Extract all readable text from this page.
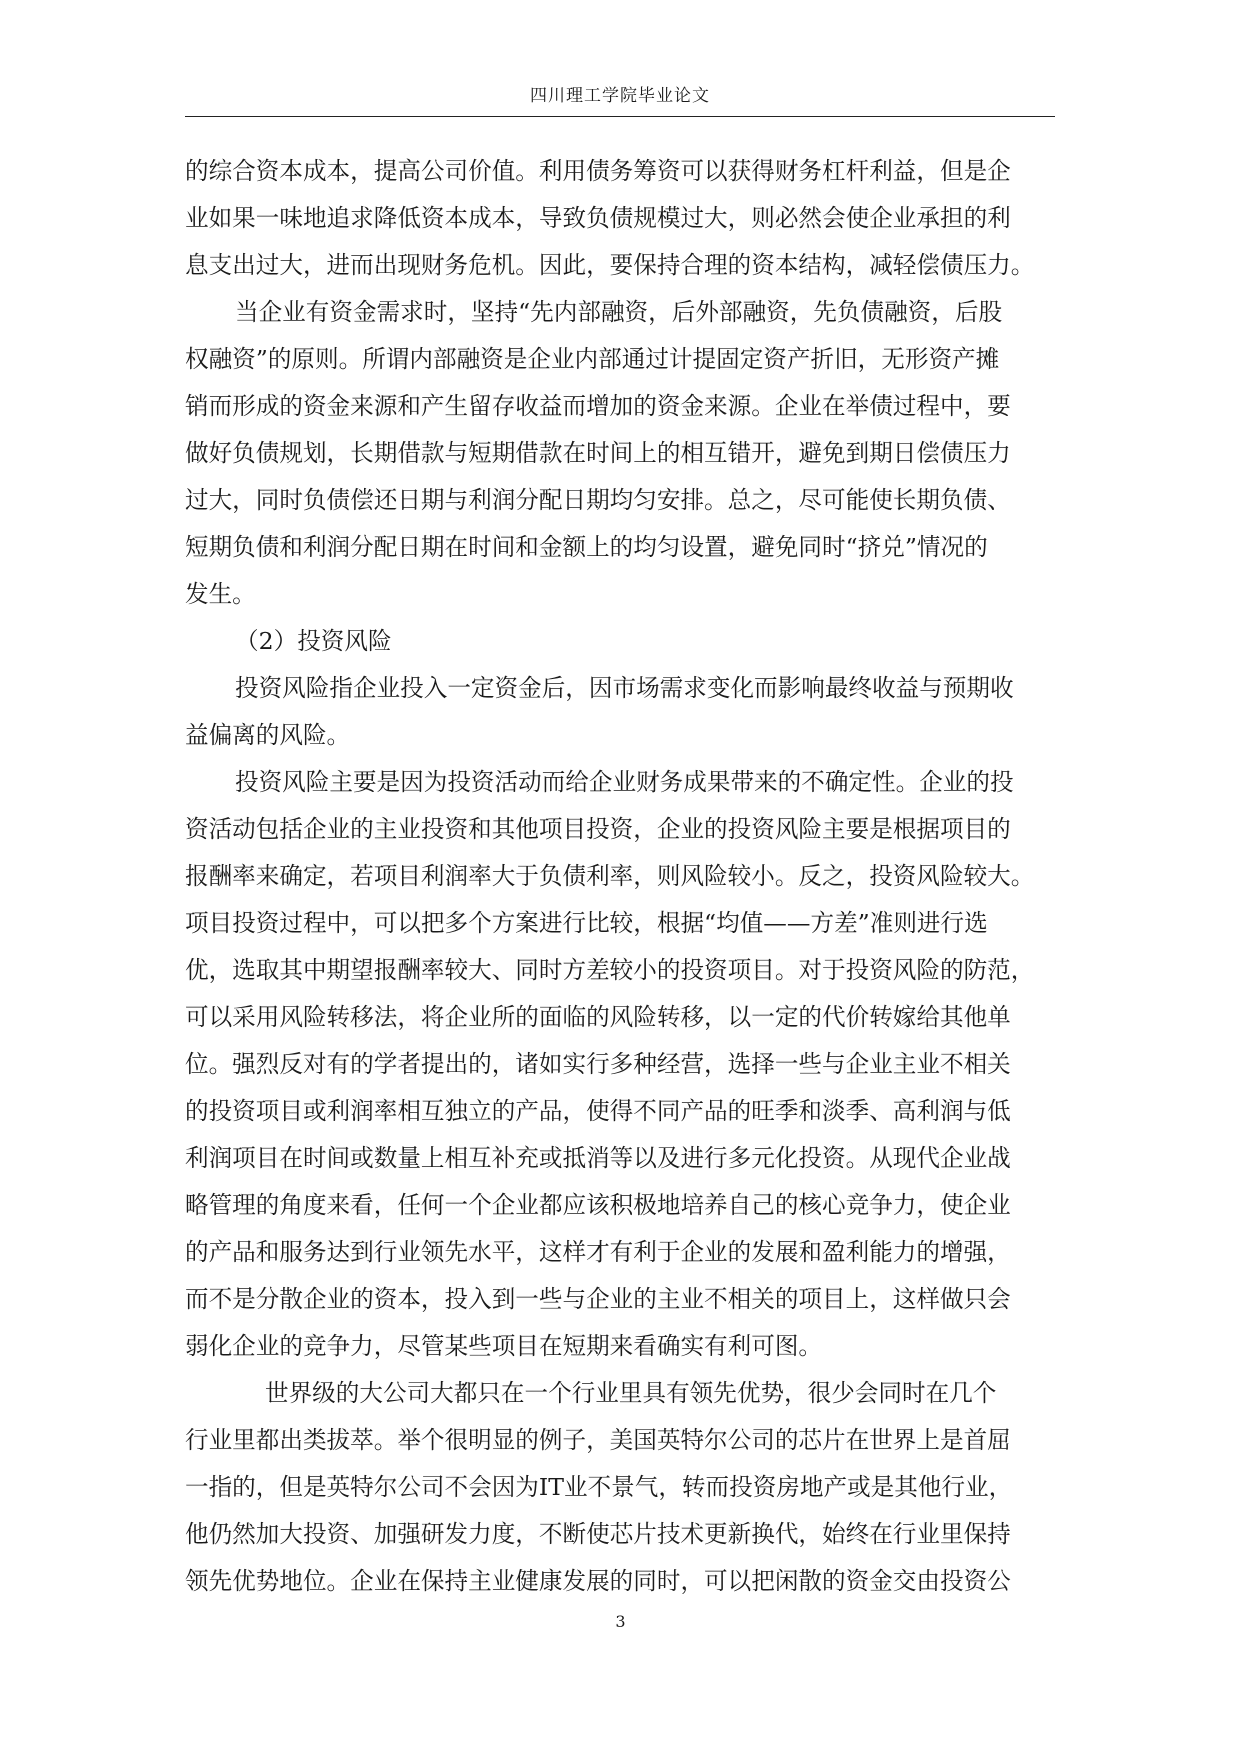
四川理工学院毕业论文
的综合资本成本，提高公司价值。利用债务筹资可以获得财务杠杆利益，但是企
业如果一味地追求降低资本成本，导致负债规模过大，则必然会使企业承担的利
息支出过大，进而出现财务危机。因此，要保持合理的资本结构，减轻偿债压力。
当企业有资金需求时，坚持“先内部融资，后外部融资，先负债融资，后股
权融资”的原则。所谓内部融资是企业内部通过计提固定资产折旧，无形资产摊
销而形成的资金来源和产生留存收益而增加的资金来源。企业在举债过程中，要
做好负债规划，长期借款与短期借款在时间上的相互错开，避免到期日偿债压力
过大，同时负债偿还日期与利润分配日期均匀安排。总之，尽可能使长期负债、
短期负债和利润分配日期在时间和金额上的均匀设置，避免同时“挤兑”情况的
发生。
（2）投资风险
投资风险指企业投入一定资金后，因市场需求变化而影响最终收益与预期收
益偏离的风险。
投资风险主要是因为投资活动而给企业财务成果带来的不确定性。企业的投
资活动包括企业的主业投资和其他项目投资，企业的投资风险主要是根据项目的
报酬率来确定，若项目利润率大于负债利率，则风险较小。反之，投资风险较大。
项目投资过程中，可以把多个方案进行比较，根据“均值——方差”准则进行选
优，选取其中期望报酬率较大、同时方差较小的投资项目。对于投资风险的防范，
可以采用风险转移法，将企业所的面临的风险转移，以一定的代价转嫁给其他单
位。强烈反对有的学者提出的，诸如实行多种经营，选择一些与企业主业不相关
的投资项目或利润率相互独立的产品，使得不同产品的旺季和淡季、高利润与低
利润项目在时间或数量上相互补充或抵消等以及进行多元化投资。从现代企业战
略管理的角度来看，任何一个企业都应该积极地培养自己的核心竞争力，使企业
的产品和服务达到行业领先水平，这样才有利于企业的发展和盈利能力的增强，
而不是分散企业的资本，投入到一些与企业的主业不相关的项目上，这样做只会
弱化企业的竞争力，尽管某些项目在短期来看确实有利可图。
世界级的大公司大都只在一个行业里具有领先优势，很少会同时在几个
行业里都出类拔萃。举个很明显的例子，美国英特尔公司的芯片在世界上是首屈
一指的，但是英特尔公司不会因为IT业不景气，转而投资房地产或是其他行业，
他仍然加大投资、加强研发力度，不断使芯片技术更新换代，始终在行业里保持
领先优势地位。企业在保持主业健康发展的同时，可以把闲散的资金交由投资公
3
